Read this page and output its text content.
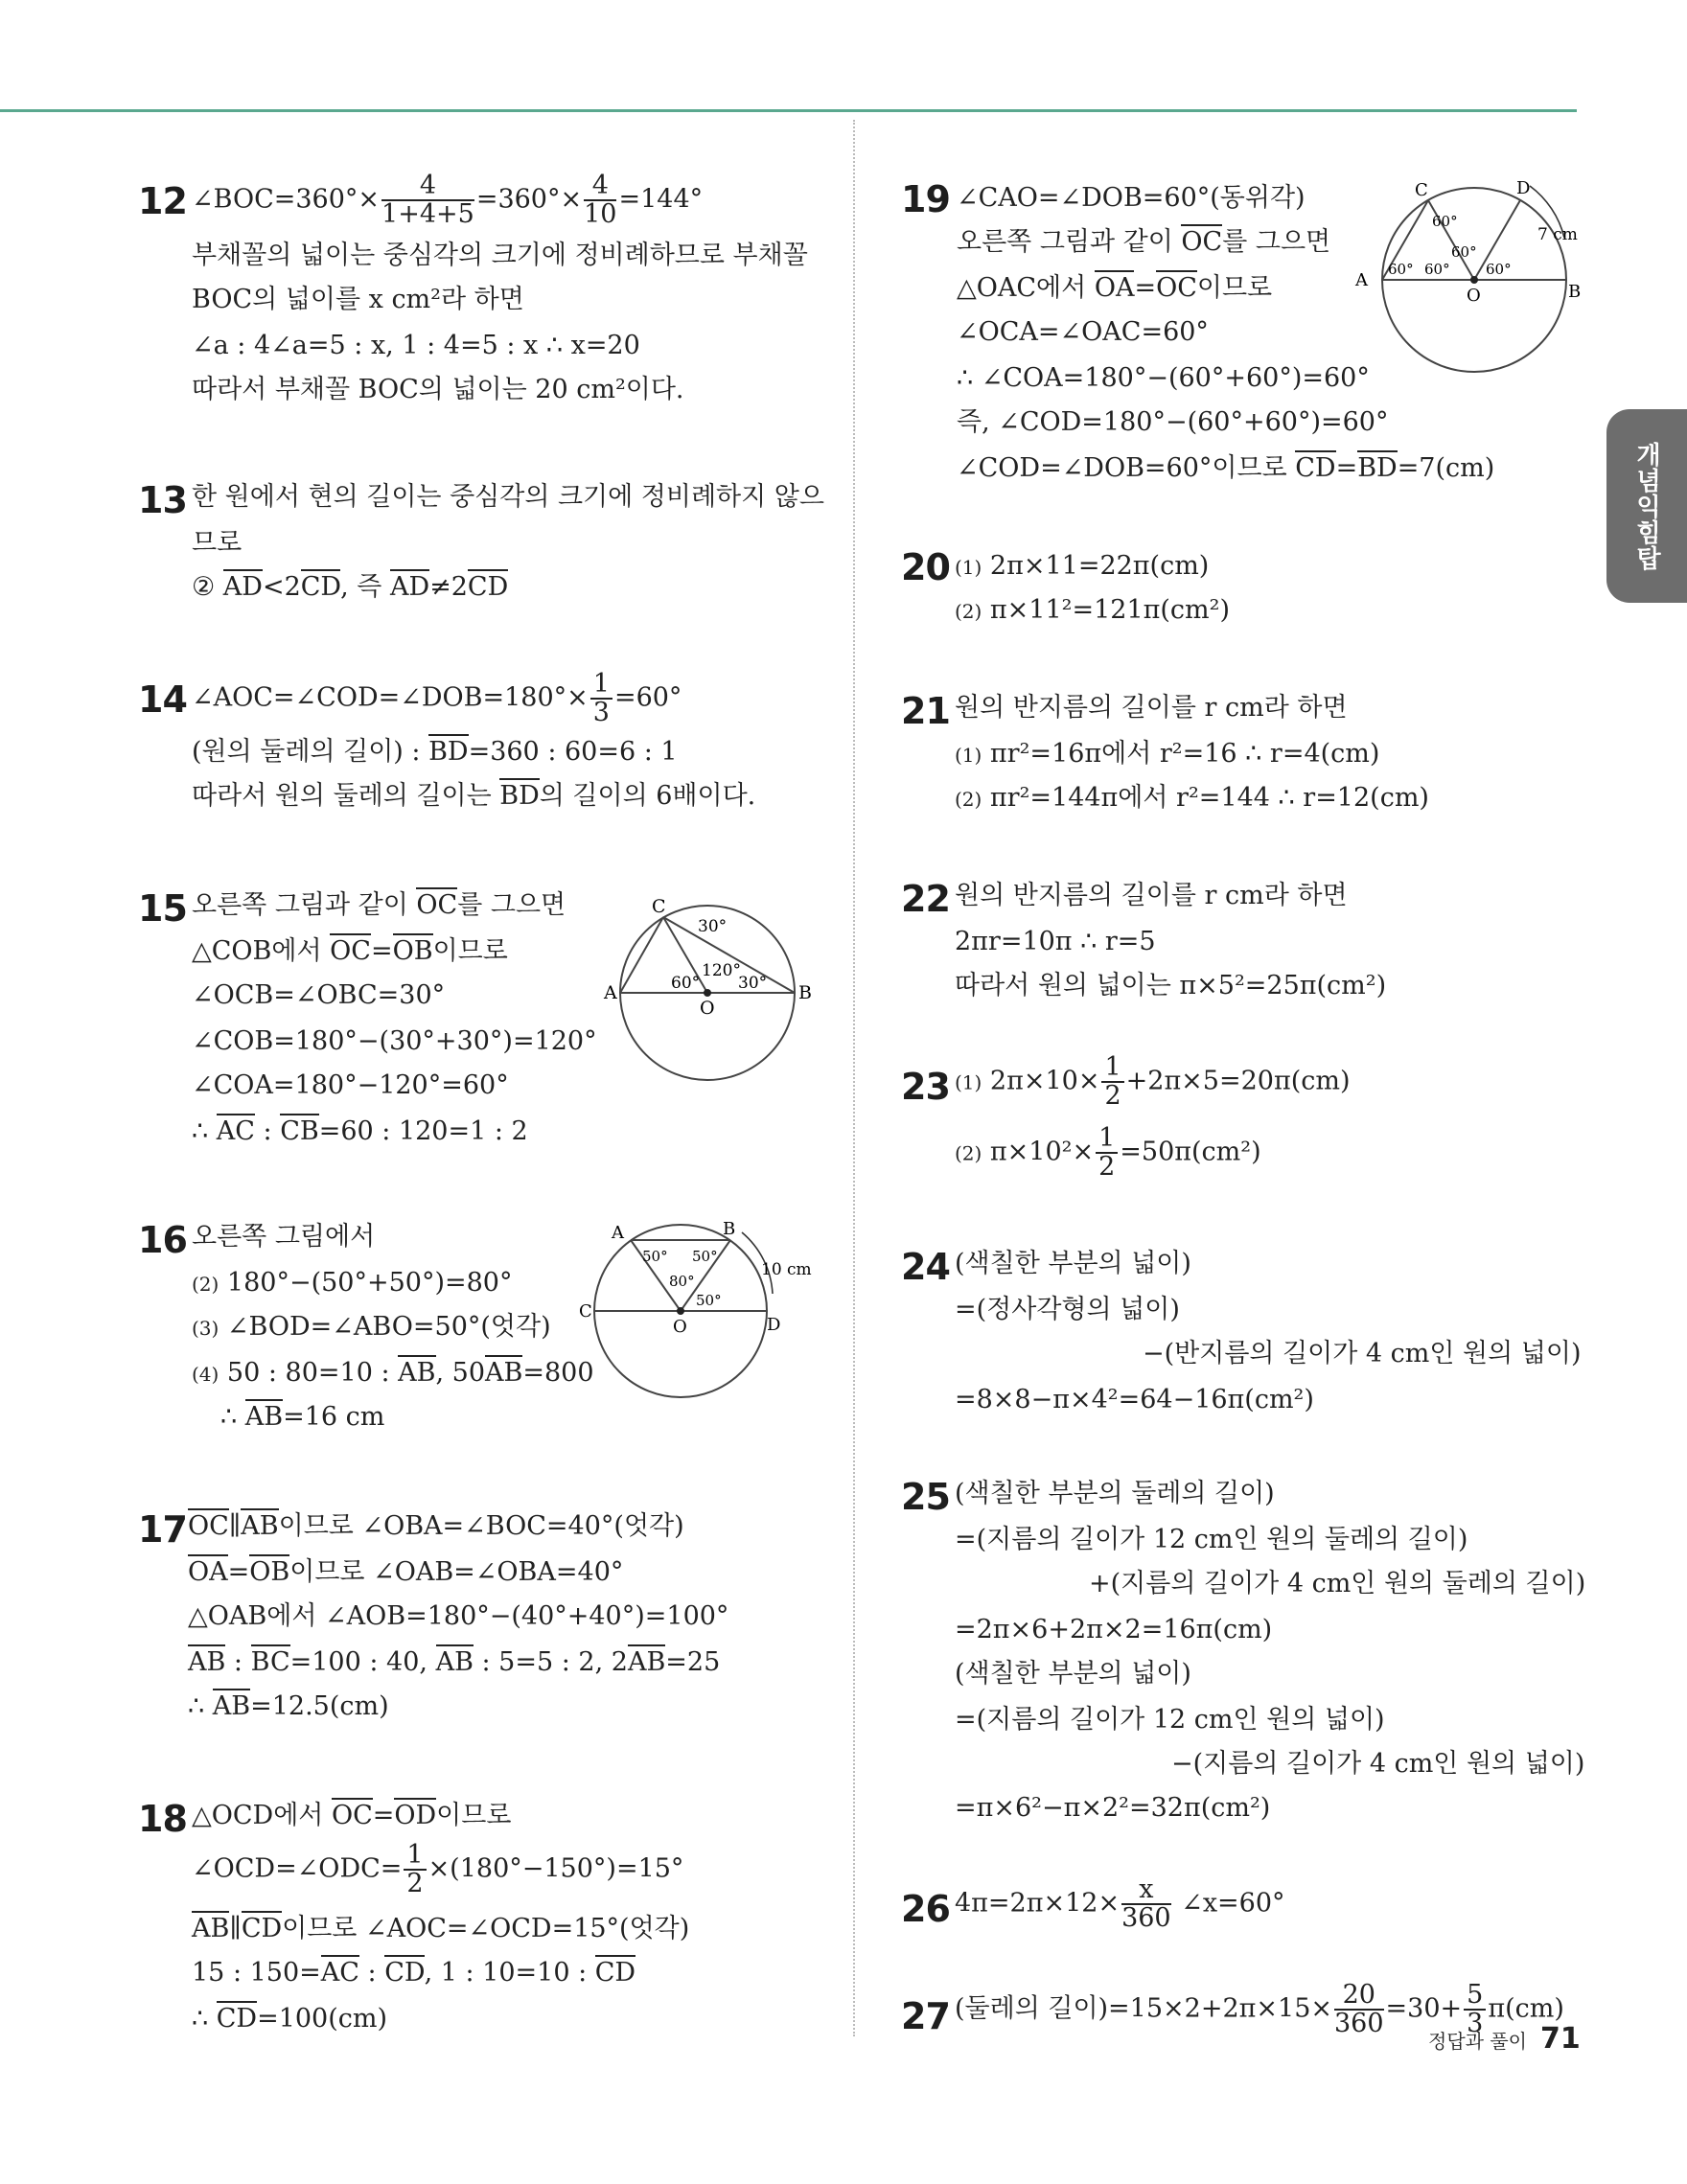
개념익힘탑
12 ∠BOC=360°× $\frac{4}{1+4+5} =360^\circ\times \frac{4}{10} =144^\circ$
부채꼴의 넓이는 중심각의 크기에 정비례하므로 부채꼴
BOC의 넓이를 x cm²라 하면
∠a : 4∠a=5 : x, 1 : 4=5 : x ∴ x=20
따라서 부채꼴 BOC의 넓이는 20 cm²이다.
13 한 원에서 현의 길이는 중심각의 크기에 정비례하지 않으
므로
② AD<2CD, 즉 AD≠2CD
14 ∠AOC=∠COD=∠DOB=180°× $\frac{1}{3} =60^\circ$
(원의 둘레의 길이) : BD=360 : 60=6 : 1
따라서 원의 둘레의 길이는 BD의 길이의 6배이다.
15 오른쪽 그림과 같이 OC를 그으면
△COB에서 OC=OB이므로
∠OCB=∠OBC=30°
∠COB=180°−(30°+30°)=120°
∠COA=180°−120°=60°
∴ AC : CB=60 : 120=1 : 2
C
A	B
O
30°
120°
60° 30°
16 오른쪽 그림에서
(2) 180°−(50°+50°)=80°
(3) ∠BOD=∠ABO=50°(엇각)
(4) 50 : 80=10 : AB, 50AB=800
∴ AB=16 cm
A	B
C
D
O
50° 50°
80°
50°
10 cm
17 OC∥AB이므로 ∠OBA=∠BOC=40°(엇각)
OA=OB이므로 ∠OAB=∠OBA=40°
△OAB에서 ∠AOB=180°−(40°+40°)=100°
AB : BC=100 : 40, AB : 5=5 : 2, 2AB=25
∴ AB=12.5(cm)
18 △OCD에서 OC=OD이므로
∠OCD=∠ODC= $\frac{1}{2} \times(180^\circ-150^\circ)=15^\circ$
AB∥CD이므로 ∠AOC=∠OCD=15°(엇각)
15 : 150=AC : CD, 1 : 10=10 : CD
∴ CD=100(cm)
19 ∠CAO=∠DOB=60°(동위각)
오른쪽 그림과 같이 OC를 그으면
△OAC에서 OA=OC이므로
∠OCA=∠OAC=60°
∴ ∠COA=180°−(60°+60°)=60°
즉, ∠COD=180°−(60°+60°)=60°
∠COD=∠DOB=60°이므로 CD=BD=7(cm)
C	D
A
B
O
60°
60° 60°
60°
60°
7 cm
20 (1) 2π×11=22π(cm)
(2) π×11²=121π(cm²)
21 원의 반지름의 길이를 r cm라 하면
(1) πr²=16π에서 r²=16 ∴ r=4(cm)
(2) πr²=144π에서 r²=144 ∴ r=12(cm)
22 원의 반지름의 길이를 r cm라 하면
2πr=10π ∴ r=5
따라서 원의 넓이는 π×5²=25π(cm²)
23 (1) $2\pi\times 10\times \frac{1}{2} +2\pi\times 5=20\pi(cm)$
(2) $\pi\times 10^2\times \frac{1}{2} =50\pi(cm^2)$
24 (색칠한 부분의 넓이)
=(정사각형의 넓이)
−(반지름의 길이가 4 cm인 원의 넓이)
=8×8−π×4²=64−16π(cm²)
25 (색칠한 부분의 둘레의 길이)
=(지름의 길이가 12 cm인 원의 둘레의 길이)
+(지름의 길이가 4 cm인 원의 둘레의 길이)
=2π×6+2π×2=16π(cm)
(색칠한 부분의 넓이)
=(지름의 길이가 12 cm인 원의 넓이)
−(지름의 길이가 4 cm인 원의 넓이)
=π×6²−π×2²=32π(cm²)
26 $4\pi=2\pi\times 12\times \frac{x}{360}$ ∠x=60°
27 (둘레의 길이)$=15\times 2+2\pi\times 15\times \frac{20}{360} =30+ \frac{5}{3} \pi(cm)$
정답과 풀이 71
